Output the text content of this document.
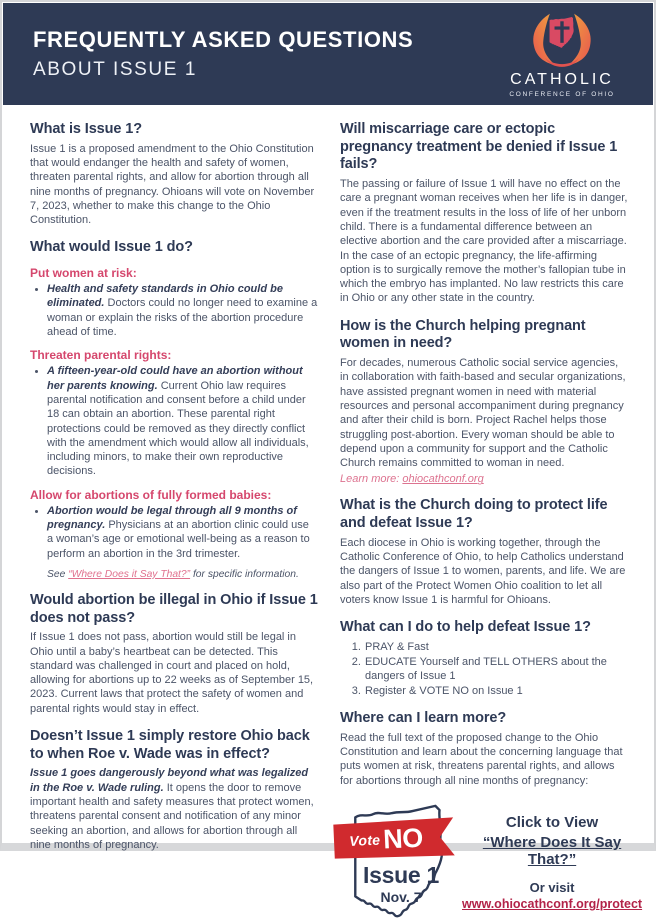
FREQUENTLY ASKED QUESTIONS
ABOUT ISSUE 1	CATHOLIC
CONFERENCE OF OHIO
What is Issue 1?

Issue 1 is a proposed amendment to the Ohio Constitution that would endanger the health and safety of women, threaten parental rights, and allow for abortion through all nine months of pregnancy. Ohioans will vote on November 7, 2023, whether to make this change to the Ohio Constitution.

What would Issue 1 do?
Put women at risk:
• Health and safety standards in Ohio could be eliminated. Doctors could no longer need to examine a woman or explain the risks of the abortion procedure ahead of time.
Threaten parental rights:
• A fifteen-year-old could have an abortion without her parents knowing. Current Ohio law requires parental notification and consent before a child under 18 can obtain an abortion. These parental right protections could be removed as they directly conflict with the amendment which would allow all individuals, including minors, to make their own reproductive decisions.
Allow for abortions of fully formed babies:
• Abortion would be legal through all 9 months of pregnancy. Physicians at an abortion clinic could use a woman’s age or emotional well-being as a reason to perform an abortion in the 3rd trimester.
See “Where Does it Say That?” for specific information.
Would abortion be illegal in Ohio if Issue 1 does not pass?

If Issue 1 does not pass, abortion would still be legal in Ohio until a baby’s heartbeat can be detected. This standard was challenged in court and placed on hold, allowing for abortions up to 22 weeks as of September 15, 2023. Current laws that protect the safety of women and parental rights would stay in effect.

Doesn’t Issue 1 simply restore Ohio back to when Roe v. Wade was in effect?

Issue 1 goes dangerously beyond what was legalized in the Roe v. Wade ruling. It opens the door to remove important health and safety measures that protect women, threatens parental consent and notification of any minor seeking an abortion, and allows for abortion through all nine months of pregnancy.

Will miscarriage care or ectopic pregnancy treatment be denied if Issue 1 fails?

The passing or failure of Issue 1 will have no effect on the care a pregnant woman receives when her life is in danger, even if the treatment results in the loss of life of her unborn child. There is a fundamental difference between an elective abortion and the care provided after a miscarriage. In the case of an ectopic pregnancy, the life-affirming option is to surgically remove the mother’s fallopian tube in which the embryo has implanted. No law restricts this care in Ohio or any other state in the country.

How is the Church helping pregnant women in need?

For decades, numerous Catholic social service agencies, in collaboration with faith-based and secular organizations, have assisted pregnant women in need with material resources and personal accompaniment during pregnancy and after their child is born. Project Rachel helps those struggling post-abortion. Every woman should be able to depend upon a community for support and the Catholic Church remains committed to woman in need.

Learn more: ohiocathconf.org
What is the Church doing to protect life and defeat Issue 1?

Each diocese in Ohio is working together, through the Catholic Conference of Ohio, to help Catholics understand the dangers of Issue 1 to women, parents, and life. We are also part of the Protect Women Ohio coalition to let all voters know Issue 1 is harmful for Ohioans.

What can I do to help defeat Issue 1?
1. PRAY & Fast
2. EDUCATE Yourself and TELL OTHERS about the dangers of Issue 1
3. Register & VOTE NO on Issue 1
Where can I learn more?

Read the full text of the proposed change to the Ohio Constitution and learn about the concerning language that puts women at risk, threatens parental rights, and allows for abortions through all nine months of pregnancy:

Vote NO
Issue 1
Nov. 7
Click to View
“Where Does It Say That?”
Or visit
www.ohiocathconf.org/protect
